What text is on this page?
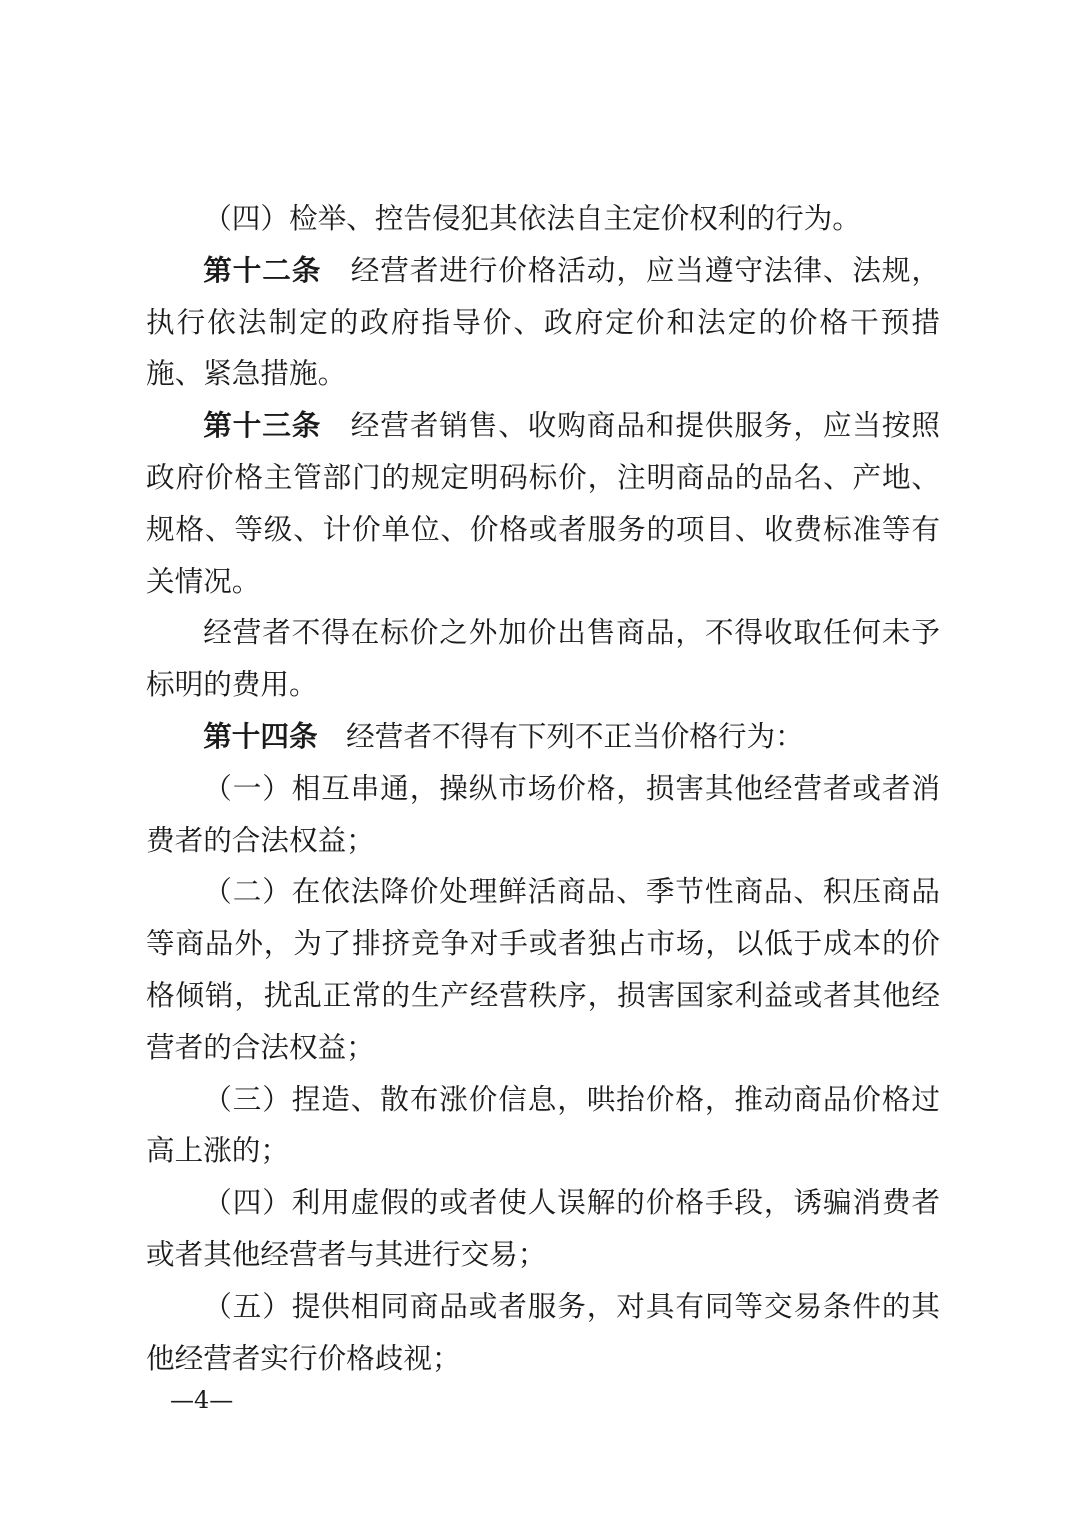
（四）检举、控告侵犯其依法自主定价权利的行为。

第十二条 经营者进行价格活动，应当遵守法律、法规，执行依法制定的政府指导价、政府定价和法定的价格干预措施、紧急措施。

第十三条 经营者销售、收购商品和提供服务，应当按照政府价格主管部门的规定明码标价，注明商品的品名、产地、规格、等级、计价单位、价格或者服务的项目、收费标准等有关情况。

经营者不得在标价之外加价出售商品，不得收取任何未予标明的费用。

第十四条 经营者不得有下列不正当价格行为：

（一）相互串通，操纵市场价格，损害其他经营者或者消费者的合法权益；

（二）在依法降价处理鲜活商品、季节性商品、积压商品等商品外，为了排挤竞争对手或者独占市场，以低于成本的价格倾销，扰乱正常的生产经营秩序，损害国家利益或者其他经营者的合法权益；

（三）捏造、散布涨价信息，哄抬价格，推动商品价格过高上涨的；

（四）利用虚假的或者使人误解的价格手段，诱骗消费者或者其他经营者与其进行交易；

（五）提供相同商品或者服务，对具有同等交易条件的其他经营者实行价格歧视；

—4—
